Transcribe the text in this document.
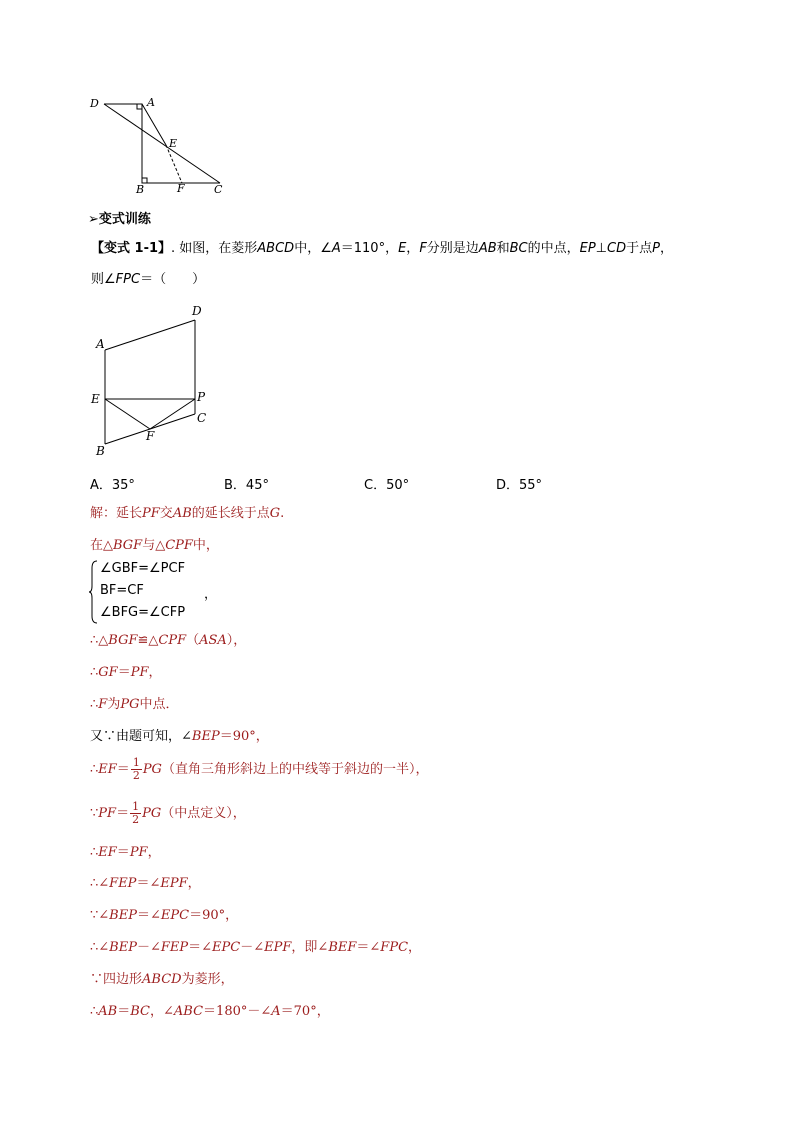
D	A
E
B	F	C
➢变式训练
【变式 1-1】. 如图，在菱形ABCD中，∠A＝110°，E，F分别是边AB和BC的中点，EP⊥CD于点P，
则∠FPC＝（　　）
D
A
E	P
C
F
B
A．35°	B．45°	C．50°	D．55°
解：延长PF交AB的延长线于点G.
在△BGF与△CPF中，
∠GBF=∠PCF
BF=CF	，
∠BFG=∠CFP
∴△BGF≌△CPF（ASA），
∴GF＝PF，
∴F为PG中点．
又∵由题可知，∠BEP＝90°，
∴EF＝ $\frac{1}{2} PG$（直角三角形斜边上的中线等于斜边的一半），
∵PF＝ $\frac{1}{2} PG$（中点定义），
∴EF＝PF，
∴∠FEP＝∠EPF，
∵∠BEP＝∠EPC＝90°，
∴∠BEP－∠FEP＝∠EPC－∠EPF，即∠BEF＝∠FPC，
∵四边形ABCD为菱形，
∴AB＝BC，∠ABC＝180°－∠A＝70°，
